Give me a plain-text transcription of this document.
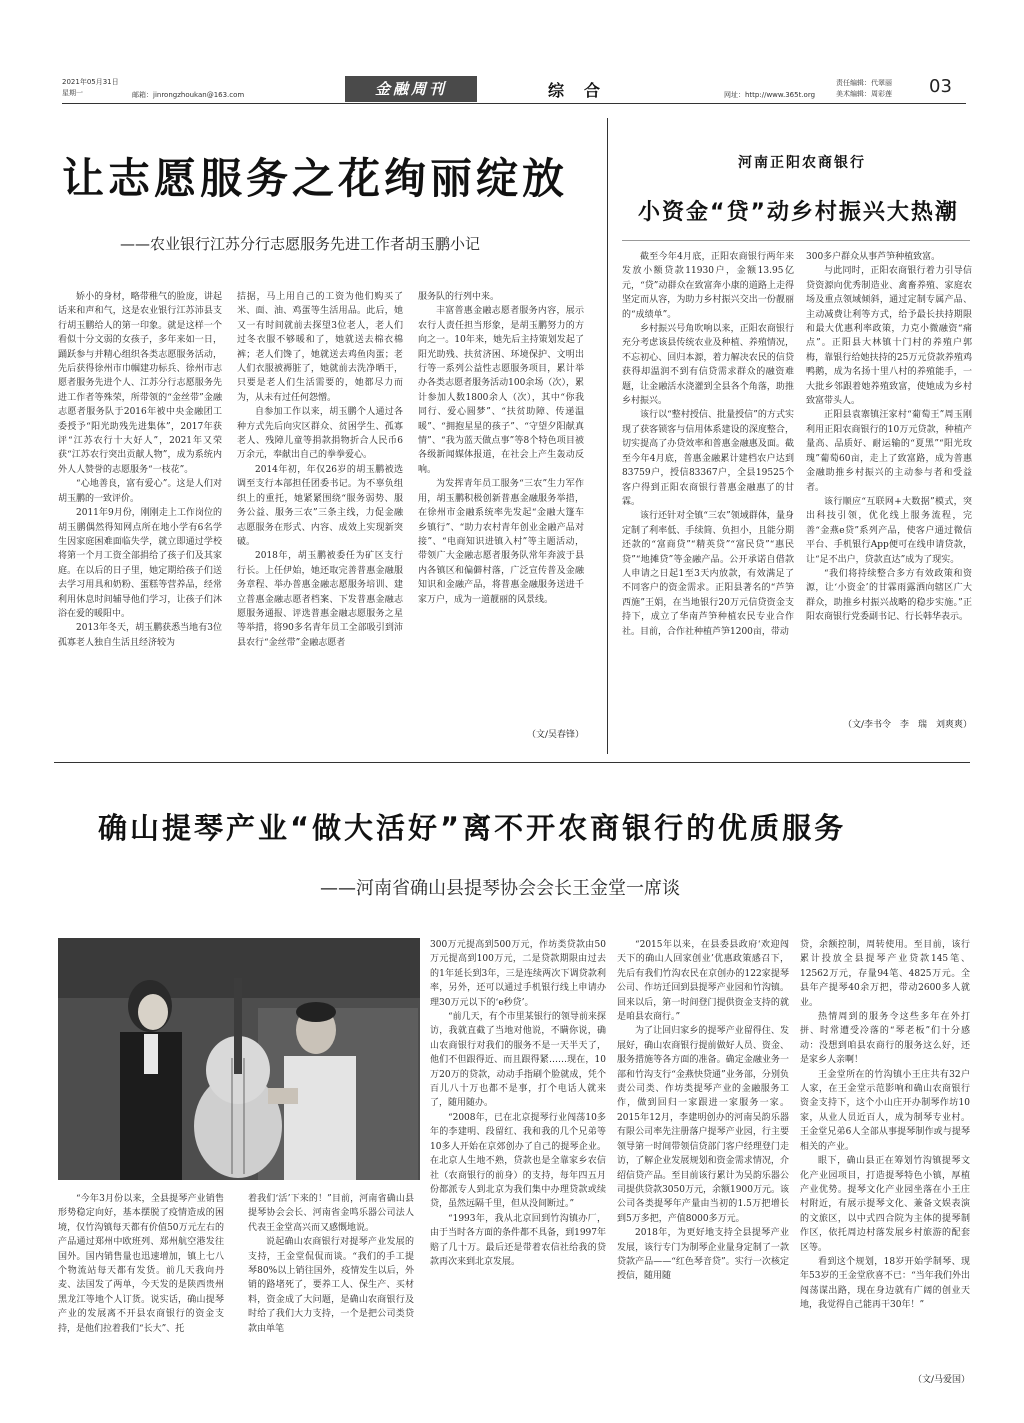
2021年05月31日
星期一	邮箱：jinrongzhoukan@163.com	金融周刊	综合	网址：http://www.365t.org
责任编辑：代翠丽
美术编辑：周彩莲 03
让志愿服务之花绚丽绽放
——农业银行江苏分行志愿服务先进工作者胡玉鹏小记

娇小的身材，略带稚气的脸庞，讲起话来和声和气，这是农业银行江苏沛县支行胡玉鹏给人的第一印象。就是这样一个看似十分文弱的女孩子，多年来如一日，踊跃参与并精心组织各类志愿服务活动，先后获得徐州市巾帼建功标兵、徐州市志愿者服务先进个人、江苏分行志愿服务先进工作者等殊荣，所带领的“金丝带”金融志愿者服务队于2016年被中央金融团工委授予“阳光助残先进集体”，2017年获评“江苏农行十大好人”，2021年又荣获“江苏农行突出贡献人物”，成为系统内外人人赞誉的志愿服务“一枝花”。

“心地善良，富有爱心”。这是人们对胡玉鹏的一致评价。

2011年9月份，刚刚走上工作岗位的胡玉鹏偶然得知网点所在地小学有6名学生因家庭困难面临失学，就立即通过学校将第一个月工资全部捐给了孩子们及其家庭。在以后的日子里，她定期给孩子们送去学习用具和奶粉、蛋糕等营养品，经常利用休息时间辅导他们学习，让孩子们沐浴在爱的暖阳中。

2013年冬天，胡玉鹏获悉当地有3位孤寡老人独自生活且经济较为

拮据，马上用自己的工资为他们购买了米、面、油、鸡蛋等生活用品。此后，她又一有时间就前去探望3位老人，老人们过冬衣服不够暖和了，她就送去棉衣棉裤；老人们馋了，她就送去鸡鱼肉蛋；老人们衣服被褥脏了，她就前去洗净晒干，只要是老人们生活需要的，她都尽力而为，从未有过任何怨憎。

自参加工作以来，胡玉鹏个人通过各种方式先后向灾区群众、贫困学生、孤寡老人、残障儿童等捐款捐物折合人民币6万余元，奉献出自己的拳拳爱心。

2014年初，年仅26岁的胡玉鹏被选调至支行本部担任团委书记。为不辜负组织上的重托，她紧紧围绕“服务弱势、服务公益、服务三农”三条主线，力促金融志愿服务在形式、内容、成效上实现新突破。

2018年，胡玉鹏被委任为矿区支行行长。上任伊始，她还取完善普惠金融服务章程、举办普惠金融志愿服务培训、建立普惠金融志愿者档案、下发普惠金融志愿服务通报、评选普惠金融志愿服务之星等举措，将90多名青年员工全部吸引到沛县农行“金丝带”金融志愿者

服务队的行列中来。

丰富普惠金融志愿者服务内容，展示农行人责任担当形象，是胡玉鹏努力的方向之一。10年来，她先后主持策划发起了阳光助残、扶贫济困、环境保护、文明出行等一系列公益性志愿服务项目，累计举办各类志愿者服务活动100余场（次），累计参加人数1800余人（次），其中“你我同行、爱心圆梦”、“扶贫助障、传递温暖”、“拥抱星星的孩子”、“守望夕阳献真情”、“我为蓝天做点事”等8个特色项目被各级新闻媒体报道，在社会上产生轰动反响。

为发挥青年员工服务“三农”生力军作用，胡玉鹏积极创新普惠金融服务举措，在徐州市金融系统率先发起“金融大篷车乡镇行”、“助力农村青年创业金融产品对接”、“电商知识进镇入村”等主题活动，带领广大金融志愿者服务队常年奔波于县内各镇区和偏僻村落，广泛宣传普及金融知识和金融产品，将普惠金融服务送进千家万户，成为一道靓丽的风景线。

（文/吴春锋）
河南正阳农商银行
小资金“贷”动乡村振兴大热潮

截至今年4月底，正阳农商银行两年来发放小额贷款11930户，金额13.95亿元，“贷”动群众在致富奔小康的道路上走得坚定而从容，为助力乡村振兴交出一份靓丽的“成绩单”。

乡村振兴号角吹响以来，正阳农商银行充分考虑该县传统农业及种植、养殖情况，不忘初心、回归本源，着力解决农民的信贷获得却温润不到有信贷需求群众的融资难题，让金融活水浇灌到全县各个角落，助推乡村振兴。

该行以“整村授信、批量授信”的方式实现了获客锁客与信用体系建设的深度整合，切实提高了办贷效率和普惠金融惠及面。截至今年4月底，普惠金融累计建档农户达到83759户，授信83367户，全县19525个客户得到正阳农商银行普惠金融惠了的甘霖。

该行还针对全镇“三农”领域群体，量身定制了利率低、手续简、负担小，且能分期还款的“富商贷”“精英贷”“富民贷”“惠民贷”“地摊贷”等金融产品。公开承诺自借款人申请之日起1至3天内放款，有效满足了不同客户的资金需求。正阳县著名的“芦笋西施”王娟，在当地银行20万元信贷资金支持下，成立了华南芦笋种植农民专业合作社。目前，合作社种植芦笋1200亩，带动

300多户群众从事芦笋种植致富。

与此同时，正阳农商银行着力引导信贷资源向优秀制造业、禽畜养殖、家庭农场及重点领域倾斜，通过定制专属产品、主动减费让利等方式，给予最长扶持期限和最大优惠利率政策，力克小微融资“痛点”。正阳县大林镇十门村的养殖户郭梅，靠银行给她扶持的25万元贷款养殖鸡鸭鹅，成为名扬十里八村的养殖能手，一大批乡邻跟着她养殖致富，使她成为乡村致富带头人。

正阳县袁寨镇汪家村“葡萄王”周玉刚利用正阳农商银行的10万元贷款，种植产量高、品质好、耐运输的“夏黑”“阳光玫瑰”葡萄60亩，走上了致富路，成为普惠金融助推乡村振兴的主动参与者和受益者。

该行顺应“互联网+大数据”模式，突出科技引领，优化线上服务流程，完善“金燕e贷”系列产品，使客户通过微信平台、手机银行App便可在线申请贷款，让“足不出户，贷款直达”成为了现实。

“我们将持续整合多方有效政策和资源，让‘小资金’的甘霖雨露洒向辖区广大群众，助推乡村振兴战略的稳步实施。”正阳农商银行党委副书记、行长韩华表示。

（文/李书令　李　瑞　刘爽爽）
确山提琴产业“做大活好”离不开农商银行的优质服务
——河南省确山县提琴协会会长王金堂一席谈

“今年3月份以来，全县提琴产业销售形势稳定向好，基本摆脱了疫情造成的困境，仅竹沟镇每天都有价值50万元左右的产品通过郑州中欧班列、郑州航空港发往国外。国内销售量也迅速增加，镇上七八个物流站每天都有发货。前几天我向丹麦、法国发了两单，今天发的是陕西贵州黑龙江等地个人订货。说实话，确山提琴产业的发展离不开县农商银行的资金支持，是他们拉着我们“长大”、托

着我们‘活’下来的！”目前，河南省确山县提琴协会会长、河南省金鸣乐器公司法人代表王金堂高兴而又感慨地说。

说起确山农商银行对提琴产业发展的支持，王金堂侃侃而谈。“我们的手工提琴80%以上销往国外，疫情发生以后，外销的路堵死了，要养工人、保生产、买材料，资金成了大问题，是确山农商银行及时给了我们大力支持，一个是把公司类贷款由单笔

300万元提高到500万元，作坊类贷款由50万元提高到100万元，二是贷款期限由过去的1年延长到3年，三是连续两次下调贷款利率，另外，还可以通过手机银行线上申请办理30万元以下的‘e秒贷’。

“前几天，有个市里某银行的领导前来探访，我就直截了当地对他说，不瞒你说，确山农商银行对我们的服务不是一天半天了，他们不但跟得近、而且跟得紧……现在，10万20万的贷款，动动手指刷个脸就成，凭个百儿八十万也都不是事，打个电话人就来了，随用随办。

“2008年，已在北京提琴行业闯荡10多年的李建明、段留红、我和我的几个兄弟等10多人开始在京郊创办了自己的提琴企业。在北京人生地不熟，贷款也是全靠家乡农信社（农商银行的前身）的支持，每年四五月份都派专人到北京为我们集中办理贷款或续贷，虽然远隔千里，但从没间断过。”

“1993年，我从北京回到竹沟镇办厂，由于当时各方面的条件都不具备，到1997年赔了几十万。最后还是带着农信社给我的贷款再次来到北京发展。

“2015年以来，在县委县政府‘欢迎闯天下的确山人回家创业’优惠政策感召下，先后有我们竹沟农民在京创办的122家提琴公司、作坊迁回到县提琴产业园和竹沟镇。回来以后，第一时间登门提供资金支持的就是咱县农商行。”

为了让回归家乡的提琴产业留得住、发展好，确山农商银行提前做好人员、资金、服务措施等各方面的准备。确定金融业务一部和竹沟支行“金燕快贷通”业务部，分别负责公司类、作坊类提琴产业的金融服务工作，做到回归一家跟进一家服务一家。2015年12月，李建明创办的河南吴韵乐器有限公司率先注册落户提琴产业园，行主要领导第一时间带领信贷部门客户经理登门走访，了解企业发展规划和资金需求情况，介绍信贷产品。至目前该行累计为吴韵乐器公司提供贷款3050万元，余额1900万元。该公司各类提琴年产量由当初的1.5万把增长到5万多把，产值8000多万元。

2018年，为更好地支持全县提琴产业发展，该行专门为制琴企业量身定制了一款贷款产品——“红色琴音贷”。实行一次核定授信，随用随

贷，余额控制，周转使用。至目前，该行累计投放全县提琴产业贷款145笔、12562万元，存量94笔、4825万元。全县年产提琴40余万把，带动2600多人就业。

热情周到的服务令这些多年在外打拼、时常遭受冷落的“琴老板”们十分感动：没想到咱县农商行的服务这么好，还是家乡人亲啊！

王金堂所在的竹沟镇小王庄共有32户人家，在王金堂示范影响和确山农商银行资金支持下，这个小山庄开办制琴作坊10家，从业人员近百人，成为制琴专业村。王金堂兄弟6人全部从事提琴制作或与提琴相关的产业。

眼下，确山县正在筹划竹沟镇提琴文化产业园项目，打造提琴特色小镇，厚植产业优势。提琴文化产业园坐落在小王庄村附近，有展示提琴文化、兼备文娱表演的文旅区，以中式四合院为主体的提琴制作区，依托周边村落发展乡村旅游的配套区等。

看到这个规划，18岁开始学制琴、现年53岁的王金堂欣喜不已：“当年我们外出闯荡谋出路，现在身边就有广阔的创业天地，我觉得自己能再干30年！”

（文/马爱国）
